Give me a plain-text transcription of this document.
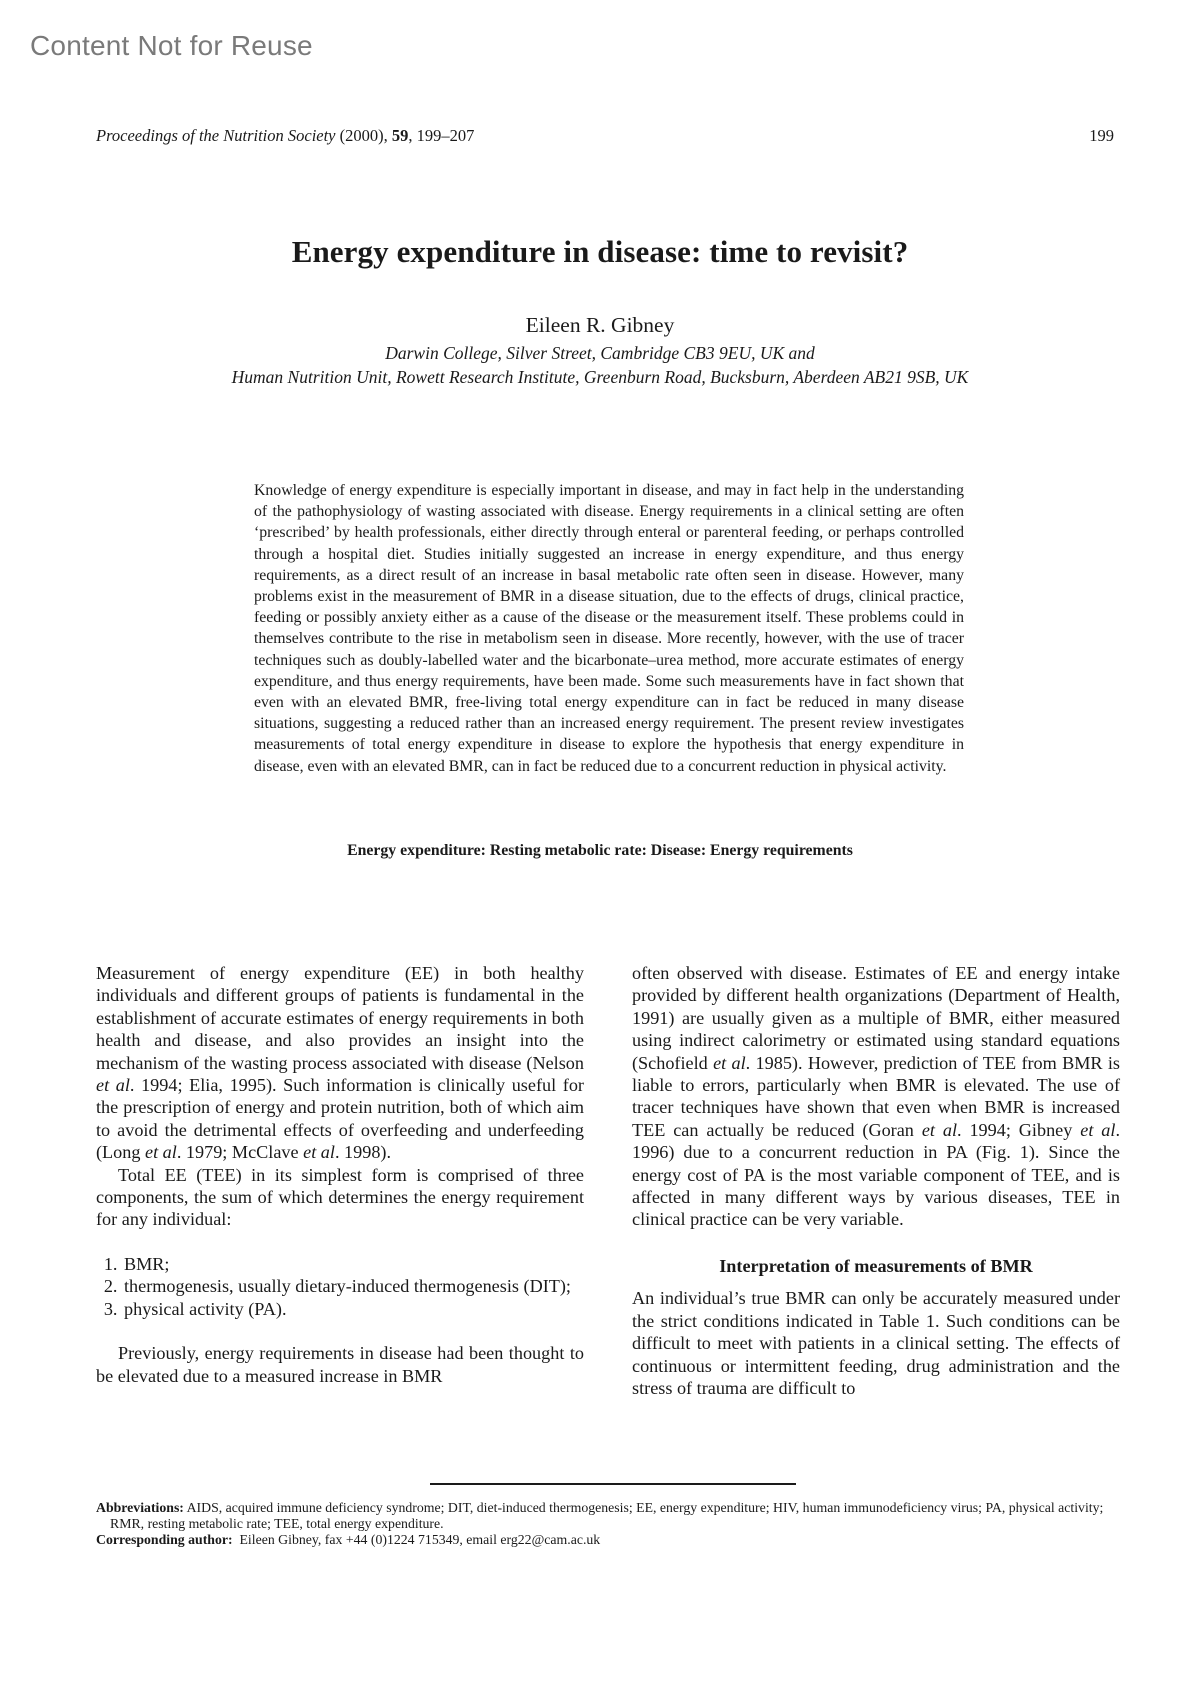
Content Not for Reuse
Proceedings of the Nutrition Society (2000), 59, 199–207	199
Energy expenditure in disease: time to revisit?
Eileen R. Gibney
Darwin College, Silver Street, Cambridge CB3 9EU, UK and
Human Nutrition Unit, Rowett Research Institute, Greenburn Road, Bucksburn, Aberdeen AB21 9SB, UK
Knowledge of energy expenditure is especially important in disease, and may in fact help in the understanding of the pathophysiology of wasting associated with disease. Energy requirements in a clinical setting are often ‘prescribed’ by health professionals, either directly through enteral or parenteral feeding, or perhaps controlled through a hospital diet. Studies initially suggested an increase in energy expenditure, and thus energy requirements, as a direct result of an increase in basal metabolic rate often seen in disease. However, many problems exist in the measurement of BMR in a disease situation, due to the effects of drugs, clinical practice, feeding or possibly anxiety either as a cause of the disease or the measurement itself. These problems could in themselves contribute to the rise in metabolism seen in disease. More recently, however, with the use of tracer techniques such as doubly-labelled water and the bicarbonate–urea method, more accurate estimates of energy expenditure, and thus energy requirements, have been made. Some such measurements have in fact shown that even with an elevated BMR, free-living total energy expenditure can in fact be reduced in many disease situations, suggesting a reduced rather than an increased energy requirement. The present review investigates measurements of total energy expenditure in disease to explore the hypothesis that energy expenditure in disease, even with an elevated BMR, can in fact be reduced due to a concurrent reduction in physical activity.
Energy expenditure: Resting metabolic rate: Disease: Energy requirements

Measurement of energy expenditure (EE) in both healthy individuals and different groups of patients is fundamental in the establishment of accurate estimates of energy requirements in both health and disease, and also provides an insight into the mechanism of the wasting process associated with disease (Nelson et al. 1994; Elia, 1995). Such information is clinically useful for the prescription of energy and protein nutrition, both of which aim to avoid the detrimental effects of overfeeding and underfeeding (Long et al. 1979; McClave et al. 1998).

Total EE (TEE) in its simplest form is comprised of three components, the sum of which determines the energy requirement for any individual:

1. BMR;
2. thermogenesis, usually dietary-induced thermogenesis (DIT);
3. physical activity (PA).

Previously, energy requirements in disease had been thought to be elevated due to a measured increase in BMR

often observed with disease. Estimates of EE and energy intake provided by different health organizations (Department of Health, 1991) are usually given as a multiple of BMR, either measured using indirect calorimetry or estimated using standard equations (Schofield et al. 1985). However, prediction of TEE from BMR is liable to errors, particularly when BMR is elevated. The use of tracer techniques have shown that even when BMR is increased TEE can actually be reduced (Goran et al. 1994; Gibney et al. 1996) due to a concurrent reduction in PA (Fig. 1). Since the energy cost of PA is the most variable component of TEE, and is affected in many different ways by various diseases, TEE in clinical practice can be very variable.

Interpretation of measurements of BMR

An individual’s true BMR can only be accurately measured under the strict conditions indicated in Table 1. Such conditions can be difficult to meet with patients in a clinical setting. The effects of continuous or intermittent feeding, drug administration and the stress of trauma are difficult to

Abbreviations: AIDS, acquired immune deficiency syndrome; DIT, diet-induced thermogenesis; EE, energy expenditure; HIV, human immunodeficiency virus; PA, physical activity; RMR, resting metabolic rate; TEE, total energy expenditure.

Corresponding author:  Eileen Gibney, fax +44 (0)1224 715349, email erg22@cam.ac.uk
